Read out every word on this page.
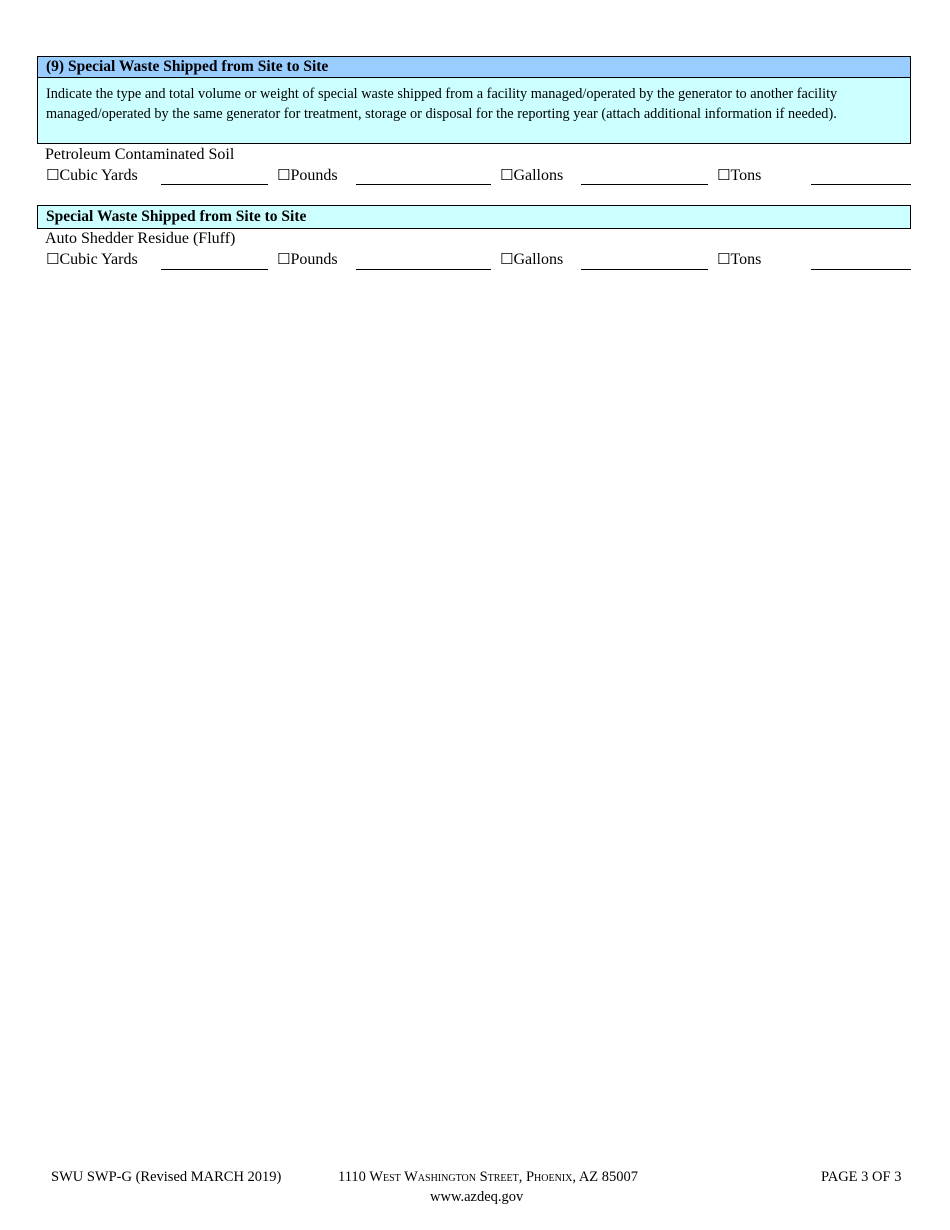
(9) Special Waste Shipped from Site to Site
Indicate the type and total volume or weight of special waste shipped from a facility managed/operated by the generator to another facility managed/operated by the same generator for treatment, storage or disposal for the reporting year (attach additional information if needed).
Petroleum Contaminated Soil
☐Cubic Yards	☐Pounds	☐Gallons	☐Tons
Special Waste Shipped from Site to Site
Auto Shedder Residue (Fluff)
☐Cubic Yards	☐Pounds	☐Gallons	☐Tons
SWU SWP-G (Revised MARCH 2019)	1110 West Washington Street, Phoenix, AZ 85007
www.azdeq.gov
PAGE 3 OF 3
